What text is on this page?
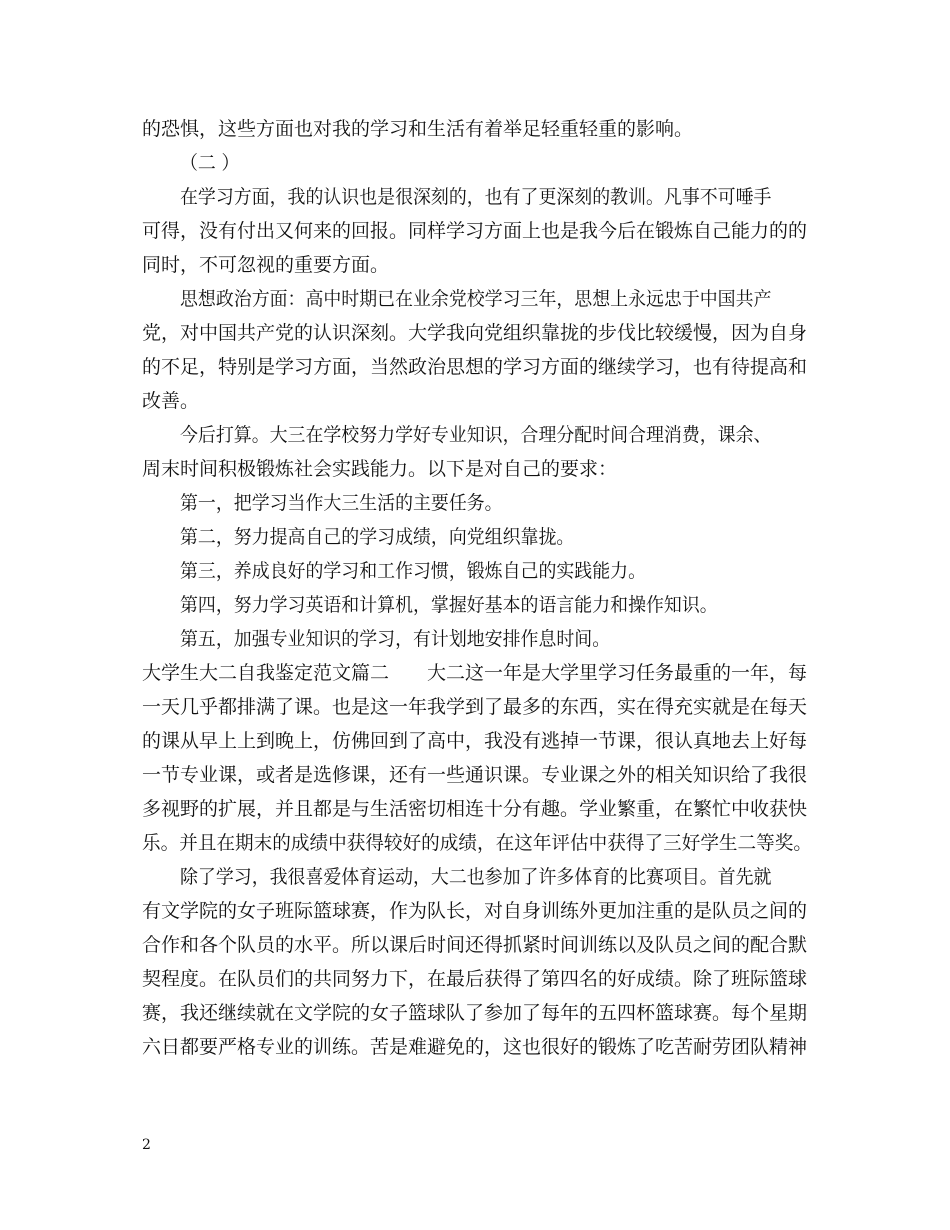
的恐惧，这些方面也对我的学习和生活有着举足轻重轻重的影响。
（二 ）
在学习方面，我的认识也是很深刻的，也有了更深刻的教训。凡事不可唾手
可得，没有付出又何来的回报。同样学习方面上也是我今后在锻炼自己能力的的
同时，不可忽视的重要方面。
思想政治方面：高中时期已在业余党校学习三年，思想上永远忠于中国共产
党，对中国共产党的认识深刻。大学我向党组织靠拢的步伐比较缓慢，因为自身
的不足，特别是学习方面，当然政治思想的学习方面的继续学习，也有待提高和
改善。
今后打算。大三在学校努力学好专业知识，合理分配时间合理消费，课余、
周末时间积极锻炼社会实践能力。以下是对自己的要求：
第一，把学习当作大三生活的主要任务。
第二，努力提高自己的学习成绩，向党组织靠拢。
第三，养成良好的学习和工作习惯，锻炼自己的实践能力。
第四，努力学习英语和计算机，掌握好基本的语言能力和操作知识。
第五，加强专业知识的学习，有计划地安排作息时间。
大学生大二自我鉴定范文篇二　　大二这一年是大学里学习任务最重的一年，每
一天几乎都排满了课。也是这一年我学到了最多的东西，实在得充实就是在每天
的课从早上上到晚上，仿佛回到了高中，我没有逃掉一节课，很认真地去上好每
一节专业课，或者是选修课，还有一些通识课。专业课之外的相关知识给了我很
多视野的扩展，并且都是与生活密切相连十分有趣。学业繁重，在繁忙中收获快
乐。并且在期末的成绩中获得较好的成绩，在这年评估中获得了三好学生二等奖。
除了学习，我很喜爱体育运动，大二也参加了许多体育的比赛项目。首先就
有文学院的女子班际篮球赛，作为队长，对自身训练外更加注重的是队员之间的
合作和各个队员的水平。所以课后时间还得抓紧时间训练以及队员之间的配合默
契程度。在队员们的共同努力下，在最后获得了第四名的好成绩。除了班际篮球
赛，我还继续就在文学院的女子篮球队了参加了每年的五四杯篮球赛。每个星期
六日都要严格专业的训练。苦是难避免的，这也很好的锻炼了吃苦耐劳团队精神
2
